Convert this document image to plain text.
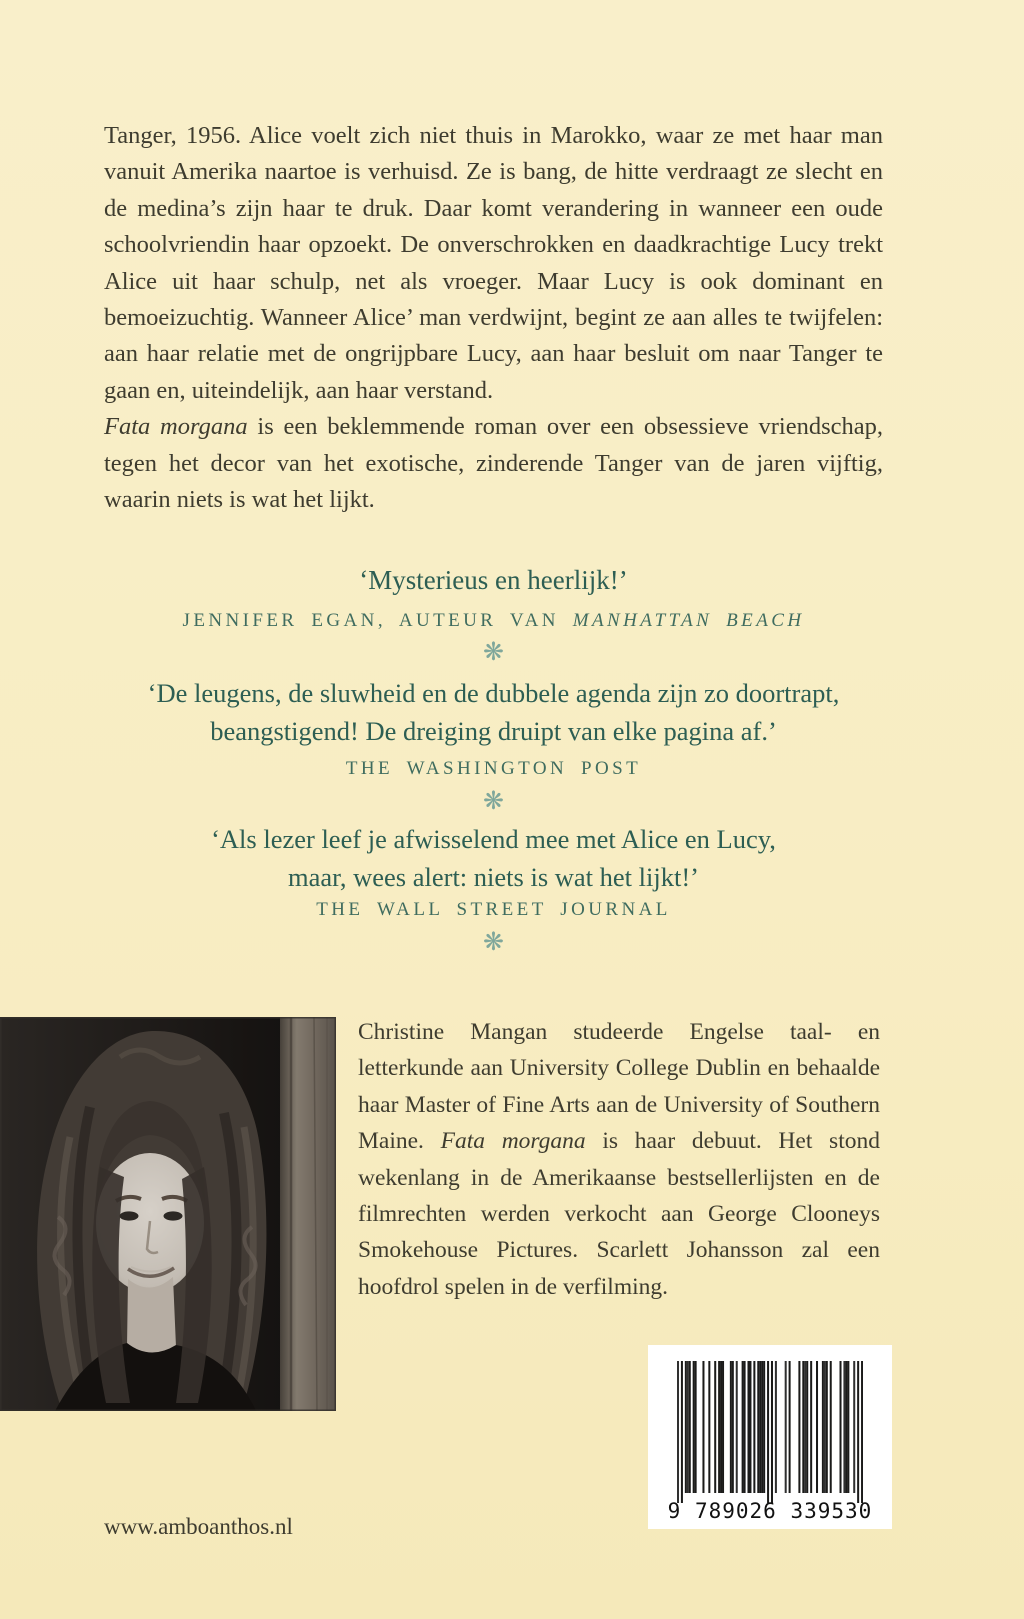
Tanger, 1956. Alice voelt zich niet thuis in Marokko, waar ze met haar man vanuit Amerika naartoe is verhuisd. Ze is bang, de hitte verdraagt ze slecht en de medina’s zijn haar te druk. Daar komt verandering in wanneer een oude schoolvriendin haar opzoekt. De onverschrokken en daadkrachtige Lucy trekt Alice uit haar schulp, net als vroeger. Maar Lucy is ook dominant en bemoeizuchtig. Wanneer Alice’ man verdwijnt, begint ze aan alles te twijfelen: aan haar relatie met de ongrijpbare Lucy, aan haar besluit om naar Tanger te gaan en, uiteindelijk, aan haar verstand.

Fata morgana is een beklemmende roman over een obsessieve vriendschap, tegen het decor van het exotische, zinderende Tanger van de jaren vijftig, waarin niets is wat het lijkt.

‘Mysterieus en heerlijk!’
JENNIFER EGAN, AUTEUR VAN MANHATTAN BEACH
❋
‘De leugens, de sluwheid en de dubbele agenda zijn zo doortrapt,
beangstigend! De dreiging druipt van elke pagina af.’
THE WASHINGTON POST
❋
‘Als lezer leef je afwisselend mee met Alice en Lucy,
maar, wees alert: niets is wat het lijkt!’
THE WALL STREET JOURNAL
❋

Christine Mangan studeerde Engelse taal- en letterkunde aan University College Dublin en behaalde haar Master of Fine Arts aan de University of Southern Maine. Fata morgana is haar debuut. Het stond wekenlang in de Amerikaanse bestsellerlijsten en de filmrechten werden verkocht aan George Clooneys Smokehouse Pictures. Scarlett Johansson zal een hoofdrol spelen in de verfilming.

9 789026 339530
www.amboanthos.nl
